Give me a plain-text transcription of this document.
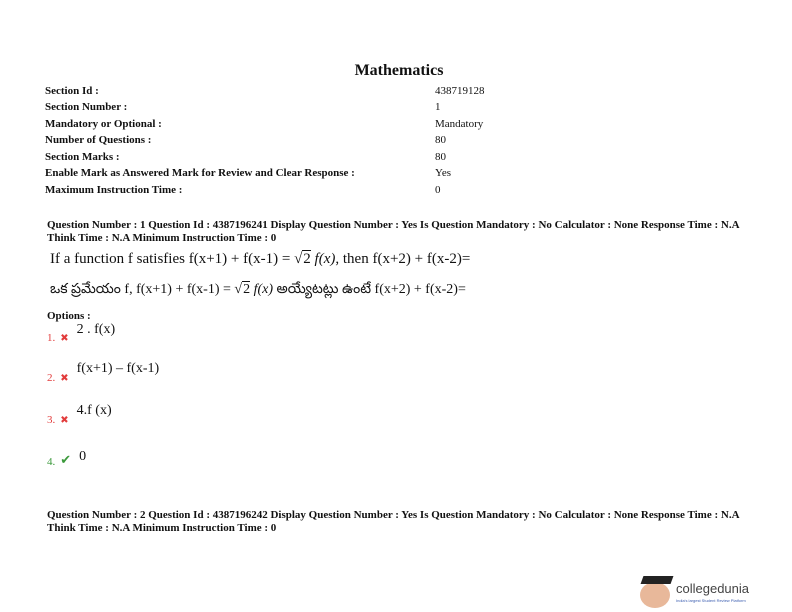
Mathematics
Section Id :	438719128
Section Number :	1
Mandatory or Optional :	Mandatory
Number of Questions :	80
Section Marks :	80
Enable Mark as Answered Mark for Review and Clear Response :	Yes
Maximum Instruction Time :	0
Question Number : 1 Question Id : 4387196241 Display Question Number : Yes Is Question Mandatory : No Calculator : None Response Time : N.A Think Time : N.A Minimum Instruction Time : 0
If a function f satisfies f(x+1) + f(x-1) = √2 f(x), then f(x+2) + f(x-2)=
ఒక ప్రమేయం f, f(x+1) + f(x-1) = √2 f(x) అయ్యేటట్లు ఉంటే f(x+2) + f(x-2)=
Options :
1. ✖
2 . f(x)
2. ✖
f(x+1) – f(x-1)
3. ✖
4.f (x)
4. ✔ 0
Question Number : 2 Question Id : 4387196242 Display Question Number : Yes Is Question Mandatory : No Calculator : None Response Time : N.A Think Time : N.A Minimum Instruction Time : 0
collegedunia
India's largest Student Review Platform
